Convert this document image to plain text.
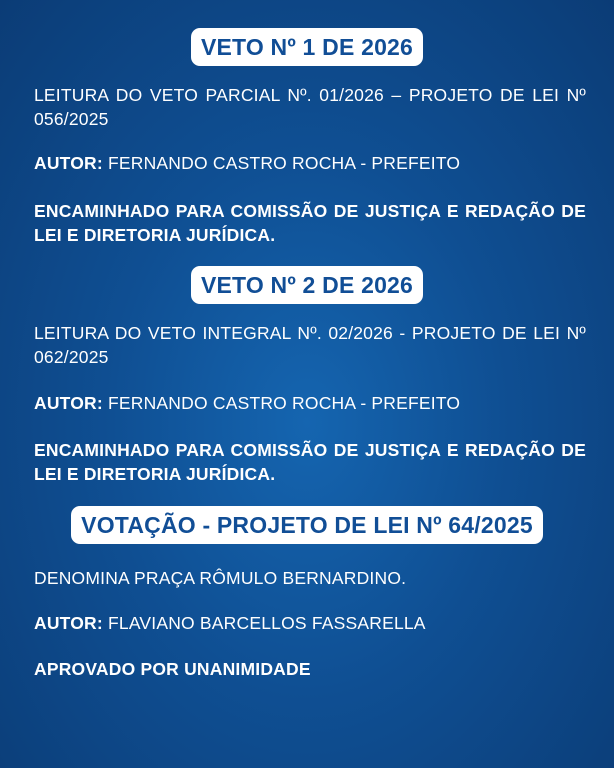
VETO Nº 1 DE 2026
LEITURA DO VETO PARCIAL Nº. 01/2026 – PROJETO DE LEI Nº 056/2025
AUTOR: FERNANDO CASTRO ROCHA - PREFEITO
ENCAMINHADO PARA COMISSÃO DE JUSTIÇA E REDAÇÃO DE LEI E DIRETORIA JURÍDICA.
VETO Nº 2 DE 2026
LEITURA DO VETO INTEGRAL Nº. 02/2026 - PROJETO DE LEI Nº 062/2025
AUTOR: FERNANDO CASTRO ROCHA - PREFEITO
ENCAMINHADO PARA COMISSÃO DE JUSTIÇA E REDAÇÃO DE LEI E DIRETORIA JURÍDICA.
VOTAÇÃO - PROJETO DE LEI Nº 64/2025
DENOMINA PRAÇA RÔMULO BERNARDINO.
AUTOR: FLAVIANO BARCELLOS FASSARELLA
APROVADO POR UNANIMIDADE
